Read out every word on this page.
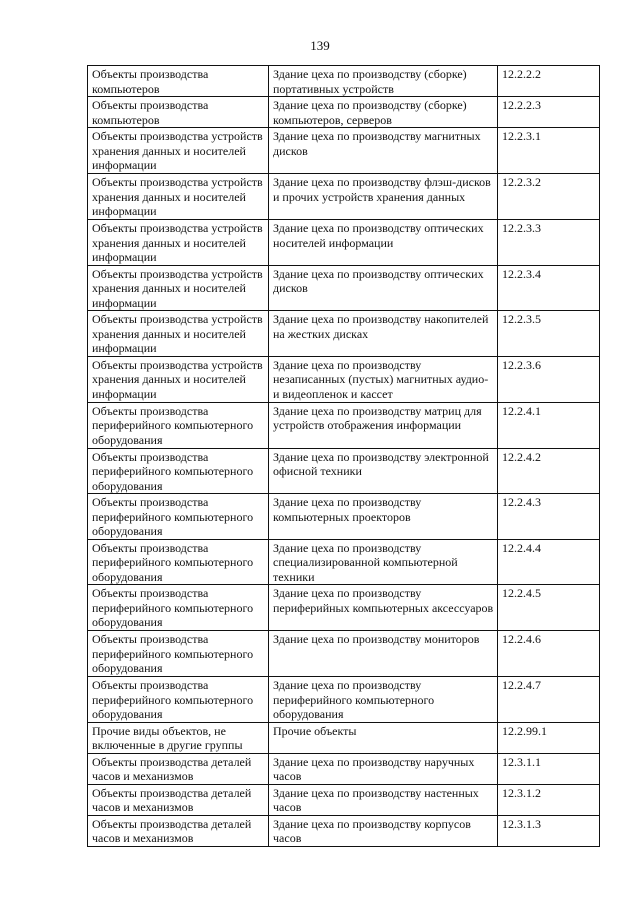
139
Объекты производства компьютеров	Здание цеха по производству (сборке) портативных устройств	12.2.2.2
Объекты производства компьютеров	Здание цеха по производству (сборке) компьютеров, серверов	12.2.2.3
Объекты производства устройств хранения данных и носителей информации	Здание цеха по производству магнитных дисков	12.2.3.1
Объекты производства устройств хранения данных и носителей информации	Здание цеха по производству флэш-дисков и прочих устройств хранения данных	12.2.3.2
Объекты производства устройств хранения данных и носителей информации	Здание цеха по производству оптических носителей информации	12.2.3.3
Объекты производства устройств хранения данных и носителей информации	Здание цеха по производству оптических дисков	12.2.3.4
Объекты производства устройств хранения данных и носителей информации	Здание цеха по производству накопителей на жестких дисках	12.2.3.5
Объекты производства устройств хранения данных и носителей информации	Здание цеха по производству незаписанных (пустых) магнитных аудио-и видеопленок и кассет	12.2.3.6
Объекты производства периферийного компьютерного оборудования	Здание цеха по производству матриц для устройств отображения информации	12.2.4.1
Объекты производства периферийного компьютерного оборудования	Здание цеха по производству электронной офисной техники	12.2.4.2
Объекты производства периферийного компьютерного оборудования	Здание цеха по производству компьютерных проекторов	12.2.4.3
Объекты производства периферийного компьютерного оборудования	Здание цеха по производству специализированной компьютерной техники	12.2.4.4
Объекты производства периферийного компьютерного оборудования	Здание цеха по производству периферийных компьютерных аксессуаров	12.2.4.5
Объекты производства периферийного компьютерного оборудования	Здание цеха по производству мониторов	12.2.4.6
Объекты производства периферийного компьютерного оборудования	Здание цеха по производству периферийного компьютерного оборудования	12.2.4.7
Прочие виды объектов, не включенные в другие группы	Прочие объекты	12.2.99.1
Объекты производства деталей часов и механизмов	Здание цеха по производству наручных часов	12.3.1.1
Объекты производства деталей часов и механизмов	Здание цеха по производству настенных часов	12.3.1.2
Объекты производства деталей часов и механизмов	Здание цеха по производству корпусов часов	12.3.1.3
